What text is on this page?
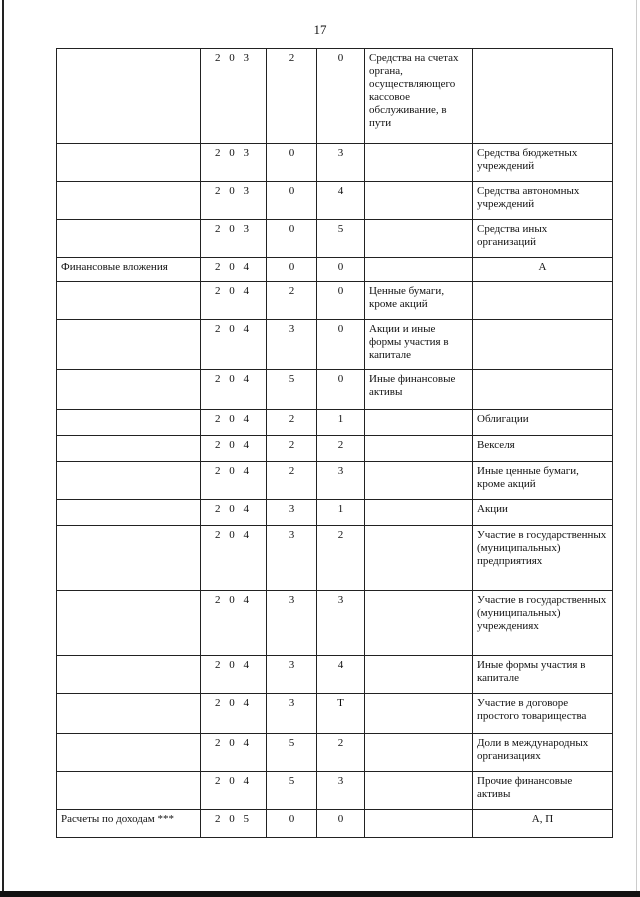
17
	2 0 3	2	0	Средства на счетах органа, осуществляющего кассовое обслуживание, в пути	
	2 0 3	0	3		Средства бюджетных учреждений
	2 0 3	0	4		Средства автономных учреждений
	2 0 3	0	5		Средства иных организаций
Финансовые вложения	2 0 4	0	0		А
	2 0 4	2	0	Ценные бумаги, кроме акций	
	2 0 4	3	0	Акции и иные формы участия в капитале	
	2 0 4	5	0	Иные финансовые активы	
	2 0 4	2	1		Облигации
	2 0 4	2	2		Векселя
	2 0 4	2	3		Иные ценные бумаги, кроме акций
	2 0 4	3	1		Акции
	2 0 4	3	2		Участие в государственных (муниципальных) предприятиях
	2 0 4	3	3		Участие в государственных (муниципальных) учреждениях
	2 0 4	3	4		Иные формы участия в капитале
	2 0 4	3	Т		Участие в договоре простого товарищества
	2 0 4	5	2		Доли в международных организациях
	2 0 4	5	3		Прочие финансовые активы
Расчеты по доходам ***	2 0 5	0	0		А, П
